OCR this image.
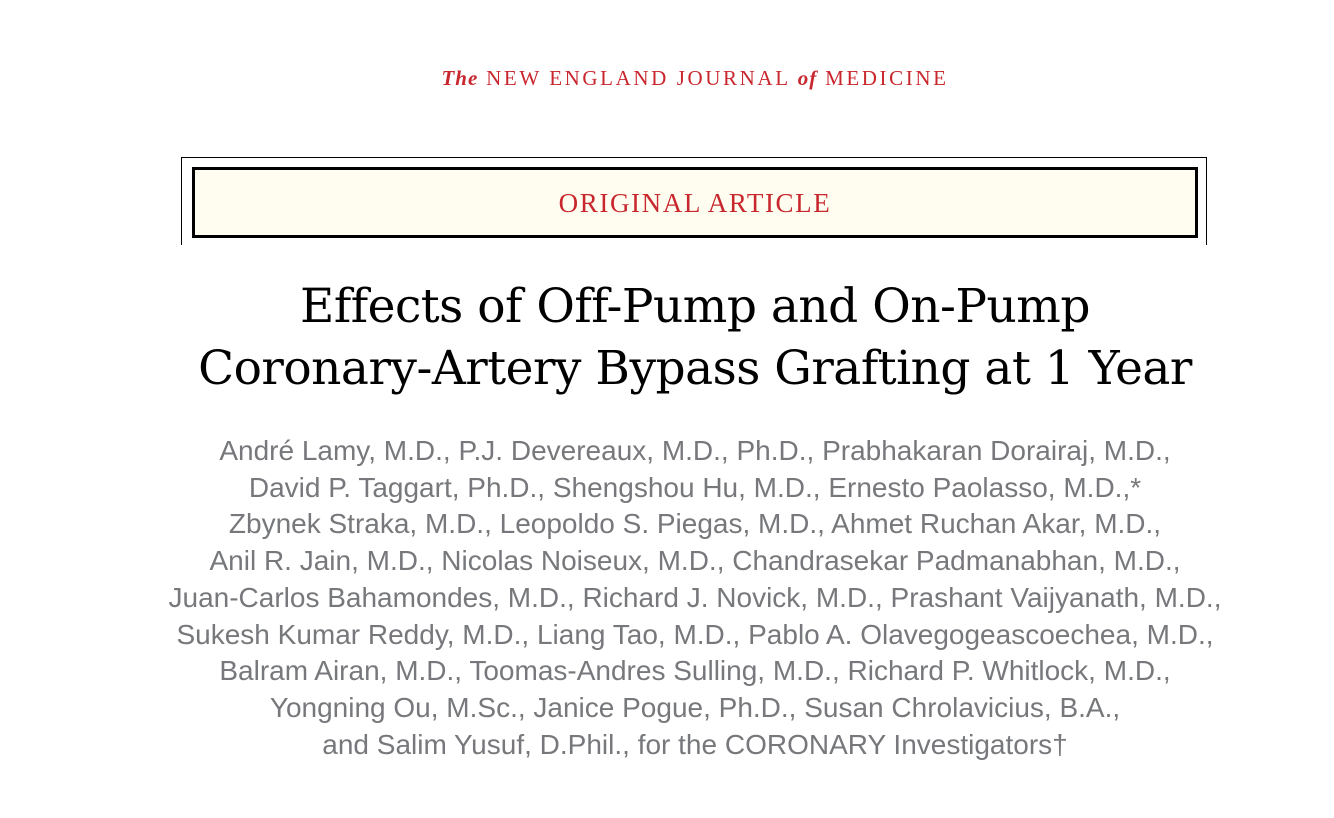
The NEW ENGLAND JOURNAL of MEDICINE
ORIGINAL ARTICLE
Effects of Off-Pump and On-Pump
Coronary-Artery Bypass Grafting at 1 Year
André Lamy, M.D., P.J. Devereaux, M.D., Ph.D., Prabhakaran Dorairaj, M.D.,
David P. Taggart, Ph.D., Shengshou Hu, M.D., Ernesto Paolasso, M.D.,*
Zbynek Straka, M.D., Leopoldo S. Piegas, M.D., Ahmet Ruchan Akar, M.D.,
Anil R. Jain, M.D., Nicolas Noiseux, M.D., Chandrasekar Padmanabhan, M.D.,
Juan-Carlos Bahamondes, M.D., Richard J. Novick, M.D., Prashant Vaijyanath, M.D.,
Sukesh Kumar Reddy, M.D., Liang Tao, M.D., Pablo A. Olavegogeascoechea, M.D.,
Balram Airan, M.D., Toomas-Andres Sulling, M.D., Richard P. Whitlock, M.D.,
Yongning Ou, M.Sc., Janice Pogue, Ph.D., Susan Chrolavicius, B.A.,
and Salim Yusuf, D.Phil., for the CORONARY Investigators†
